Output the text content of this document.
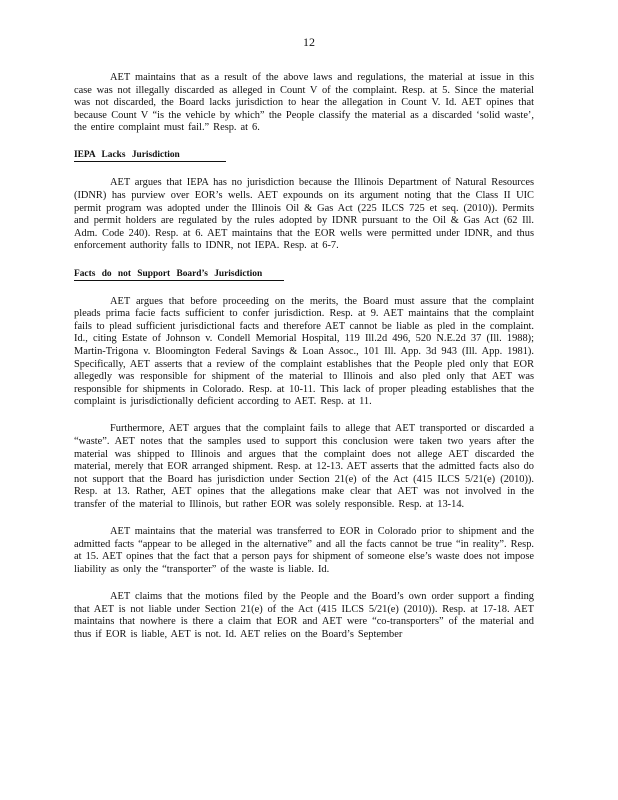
12

AET maintains that as a result of the above laws and regulations, the material at issue in this case was not illegally discarded as alleged in Count V of the complaint. Resp. at 5. Since the material was not discarded, the Board lacks jurisdiction to hear the allegation in Count V. Id. AET opines that because Count V “is the vehicle by which” the People classify the material as a discarded ‘solid waste’, the entire complaint must fail.” Resp. at 6.

IEPA Lacks Jurisdiction

AET argues that IEPA has no jurisdiction because the Illinois Department of Natural Resources (IDNR) has purview over EOR’s wells. AET expounds on its argument noting that the Class II UIC permit program was adopted under the Illinois Oil & Gas Act (225 ILCS 725 et seq. (2010)). Permits and permit holders are regulated by the rules adopted by IDNR pursuant to the Oil & Gas Act (62 Ill. Adm. Code 240). Resp. at 6. AET maintains that the EOR wells were permitted under IDNR, and thus enforcement authority falls to IDNR, not IEPA. Resp. at 6-7.

Facts do not Support Board’s Jurisdiction

AET argues that before proceeding on the merits, the Board must assure that the complaint pleads prima facie facts sufficient to confer jurisdiction. Resp. at 9. AET maintains that the complaint fails to plead sufficient jurisdictional facts and therefore AET cannot be liable as pled in the complaint. Id., citing Estate of Johnson v. Condell Memorial Hospital, 119 Ill.2d 496, 520 N.E.2d 37 (Ill. 1988); Martin-Trigona v. Bloomington Federal Savings & Loan Assoc., 101 Ill. App. 3d 943 (Ill. App. 1981). Specifically, AET asserts that a review of the complaint establishes that the People pled only that EOR allegedly was responsible for shipment of the material to Illinois and also pled only that AET was responsible for shipments in Colorado. Resp. at 10-11. This lack of proper pleading establishes that the complaint is jurisdictionally deficient according to AET. Resp. at 11.

Furthermore, AET argues that the complaint fails to allege that AET transported or discarded a “waste”. AET notes that the samples used to support this conclusion were taken two years after the material was shipped to Illinois and argues that the complaint does not allege AET discarded the material, merely that EOR arranged shipment. Resp. at 12-13. AET asserts that the admitted facts also do not support that the Board has jurisdiction under Section 21(e) of the Act (415 ILCS 5/21(e) (2010)). Resp. at 13. Rather, AET opines that the allegations make clear that AET was not involved in the transfer of the material to Illinois, but rather EOR was solely responsible. Resp. at 13-14.

AET maintains that the material was transferred to EOR in Colorado prior to shipment and the admitted facts “appear to be alleged in the alternative” and all the facts cannot be true “in reality”. Resp. at 15. AET opines that the fact that a person pays for shipment of someone else’s waste does not impose liability as only the “transporter” of the waste is liable. Id.

AET claims that the motions filed by the People and the Board’s own order support a finding that AET is not liable under Section 21(e) of the Act (415 ILCS 5/21(e) (2010)). Resp. at 17-18. AET maintains that nowhere is there a claim that EOR and AET were “co-transporters” of the material and thus if EOR is liable, AET is not. Id. AET relies on the Board’s September
